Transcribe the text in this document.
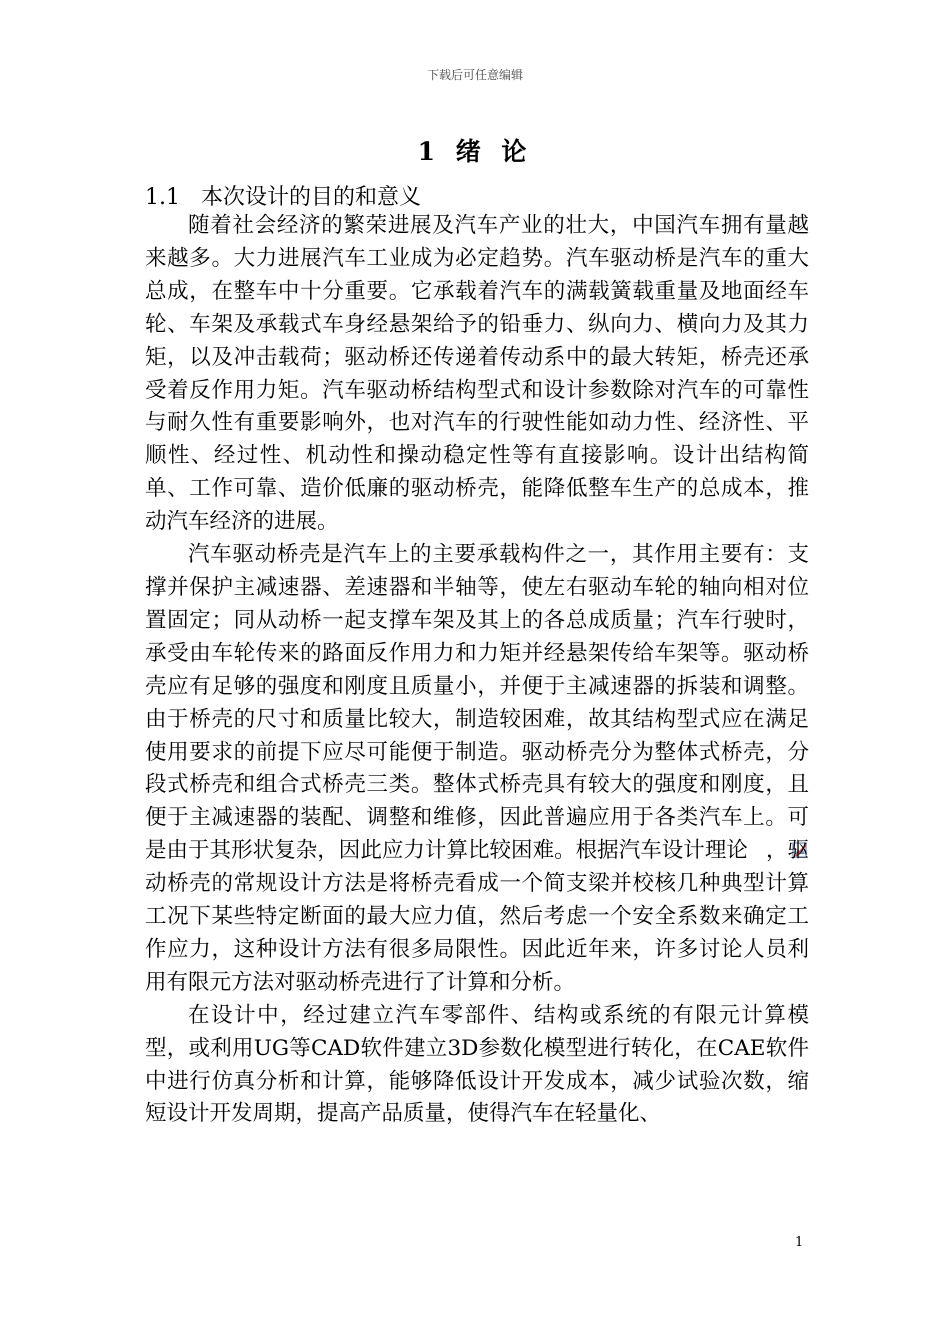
下载后可任意编辑
1 绪 论
1.1 本次设计的目的和意义

随着社会经济的繁荣进展及汽车产业的壮大，中国汽车拥有量越来越多。大力进展汽车工业成为必定趋势。汽车驱动桥是汽车的重大总成，在整车中十分重要。它承载着汽车的满载簧载重量及地面经车轮、车架及承载式车身经悬架给予的铅垂力、纵向力、横向力及其力矩，以及冲击载荷；驱动桥还传递着传动系中的最大转矩，桥壳还承受着反作用力矩。汽车驱动桥结构型式和设计参数除对汽车的可靠性与耐久性有重要影响外，也对汽车的行驶性能如动力性、经济性、平顺性、经过性、机动性和操动稳定性等有直接影响。设计出结构简单、工作可靠、造价低廉的驱动桥壳，能降低整车生产的总成本，推动汽车经济的进展。

汽车驱动桥壳是汽车上的主要承载构件之一，其作用主要有：支撑并保护主减速器、差速器和半轴等，使左右驱动车轮的轴向相对位置固定；同从动桥一起支撑车架及其上的各总成质量；汽车行驶时，承受由车轮传来的路面反作用力和力矩并经悬架传给车架等。驱动桥壳应有足够的强度和刚度且质量小，并便于主减速器的拆装和调整。由于桥壳的尺寸和质量比较大，制造较困难，故其结构型式应在满足使用要求的前提下应尽可能便于制造。驱动桥壳分为整体式桥壳，分段式桥壳和组合式桥壳三类。整体式桥壳具有较大的强度和刚度，且便于主减速器的装配、调整和维修，因此普遍应用于各类汽车上。可是由于其形状复杂，因此应力计算比较困难。根据汽车设计理论 ，驱动桥壳的常规设计方法是将桥壳看成一个简支梁并校核几种典型计算工况下某些特定断面的最大应力值，然后考虑一个安全系数来确定工作应力，这种设计方法有很多局限性。因此近年来，许多讨论人员利用有限元方法对驱动桥壳进行了计算和分析。

在设计中，经过建立汽车零部件、结构或系统的有限元计算模型，或利用UG等CAD软件建立3D参数化模型进行转化，在CAE软件中进行仿真分析和计算，能够降低设计开发成本，减少试验次数，缩短设计开发周期，提高产品质量，使得汽车在轻量化、

1
